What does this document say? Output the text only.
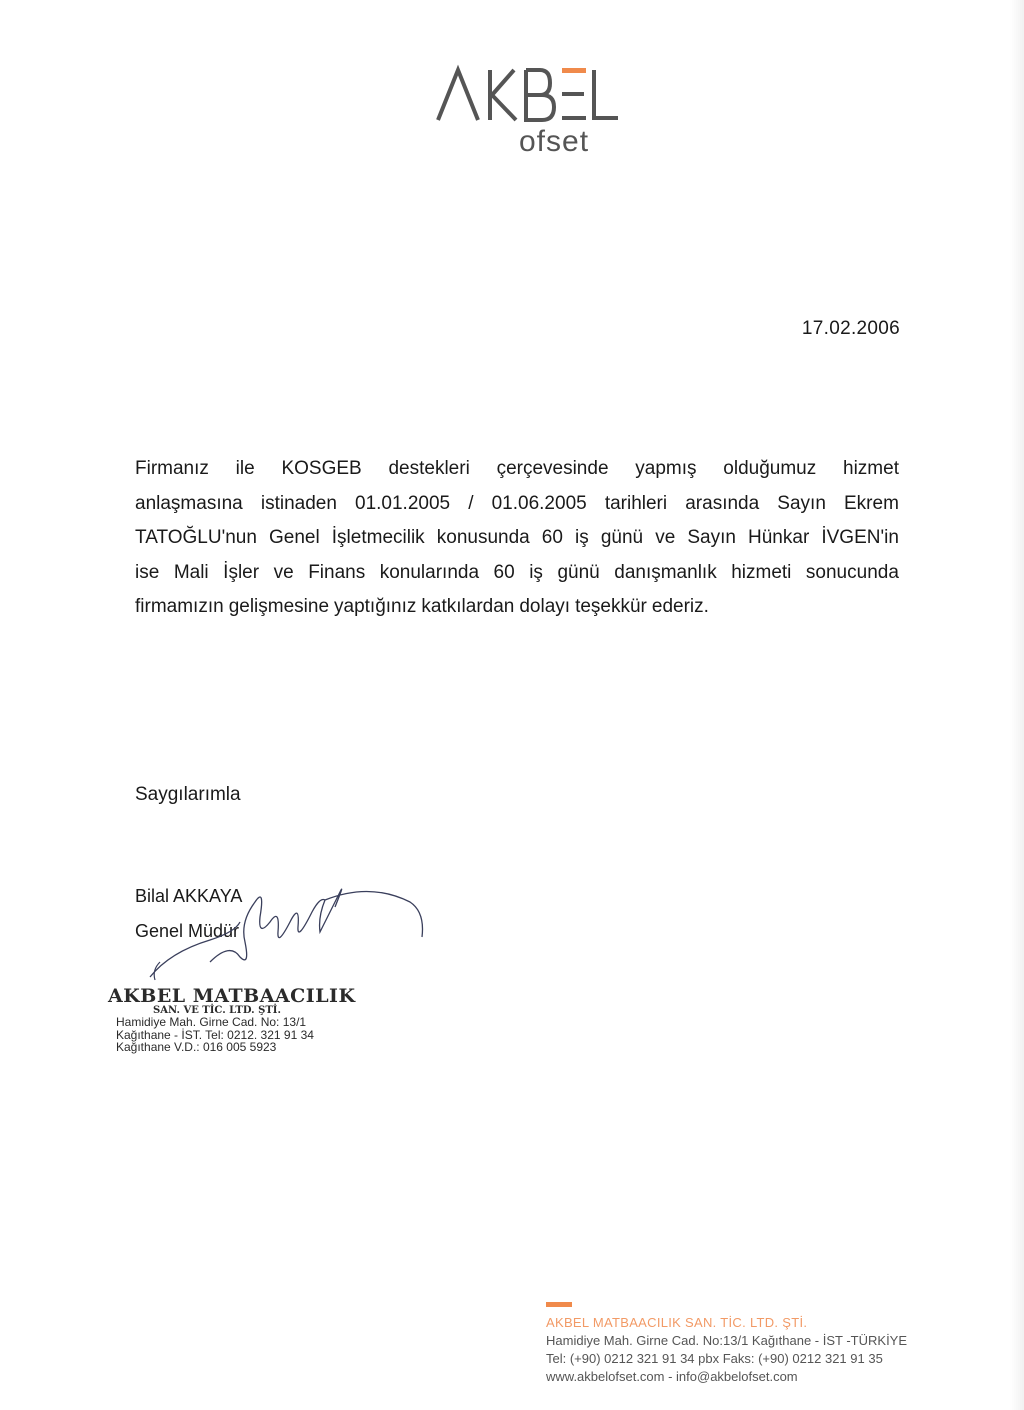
ofset
17.02.2006
Firmanız ile KOSGEB destekleri çerçevesinde yapmış olduğumuz hizmet
anlaşmasına istinaden 01.01.2005 / 01.06.2005 tarihleri arasında Sayın Ekrem
TATOĞLU'nun Genel İşletmecilik konusunda 60 iş günü ve Sayın Hünkar İVGEN'in
ise Mali İşler ve Finans konularında 60 iş günü danışmanlık hizmeti sonucunda
firmamızın gelişmesine yaptığınız katkılardan dolayı teşekkür ederiz.
Saygılarımla
Bilal AKKAYA
Genel Müdür
AKBEL MATBAACILIK
SAN. VE TİC. LTD. ŞTİ.
Hamidiye Mah. Girne Cad. No: 13/1
Kağıthane - İST. Tel: 0212. 321 91 34
Kağıthane V.D.: 016 005 5923
AKBEL MATBAACILIK SAN. TİC. LTD. ŞTİ.
Hamidiye Mah. Girne Cad. No:13/1 Kağıthane - İST -TÜRKİYE
Tel: (+90) 0212 321 91 34 pbx Faks: (+90) 0212 321 91 35
www.akbelofset.com - info@akbelofset.com
